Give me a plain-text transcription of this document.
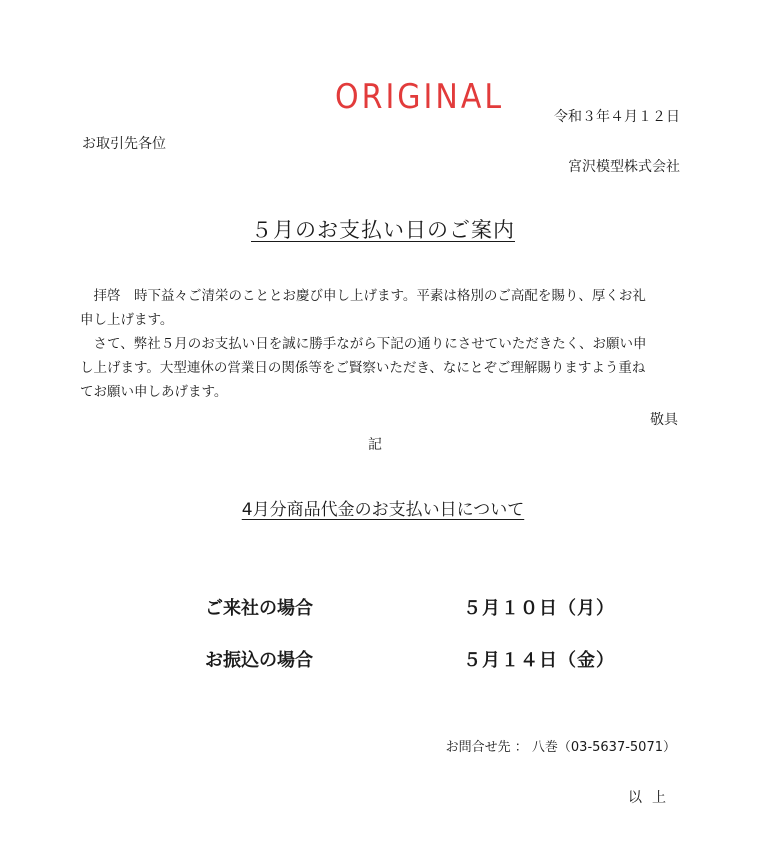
ORIGINAL	令和３年４月１２日
お取引先各位
宮沢模型株式会社
５月のお支払い日のご案内

　拝啓　時下益々ご清栄のこととお慶び申し上げます。平素は格別のご高配を賜り、厚くお礼

申し上げます。

　さて、弊社５月のお支払い日を誠に勝手ながら下記の通りにさせていただきたく、お願い申

し上げます。大型連休の営業日の関係等をご賢察いただき、なにとぞご理解賜りますよう重ね

てお願い申しあげます。

敬具
記
4月分商品代金のお支払い日について
ご来社の場合	５月１０日（月）
お振込の場合	５月１４日（金）
お問合せ先 ： 八巻（03-5637-5071）
以上
